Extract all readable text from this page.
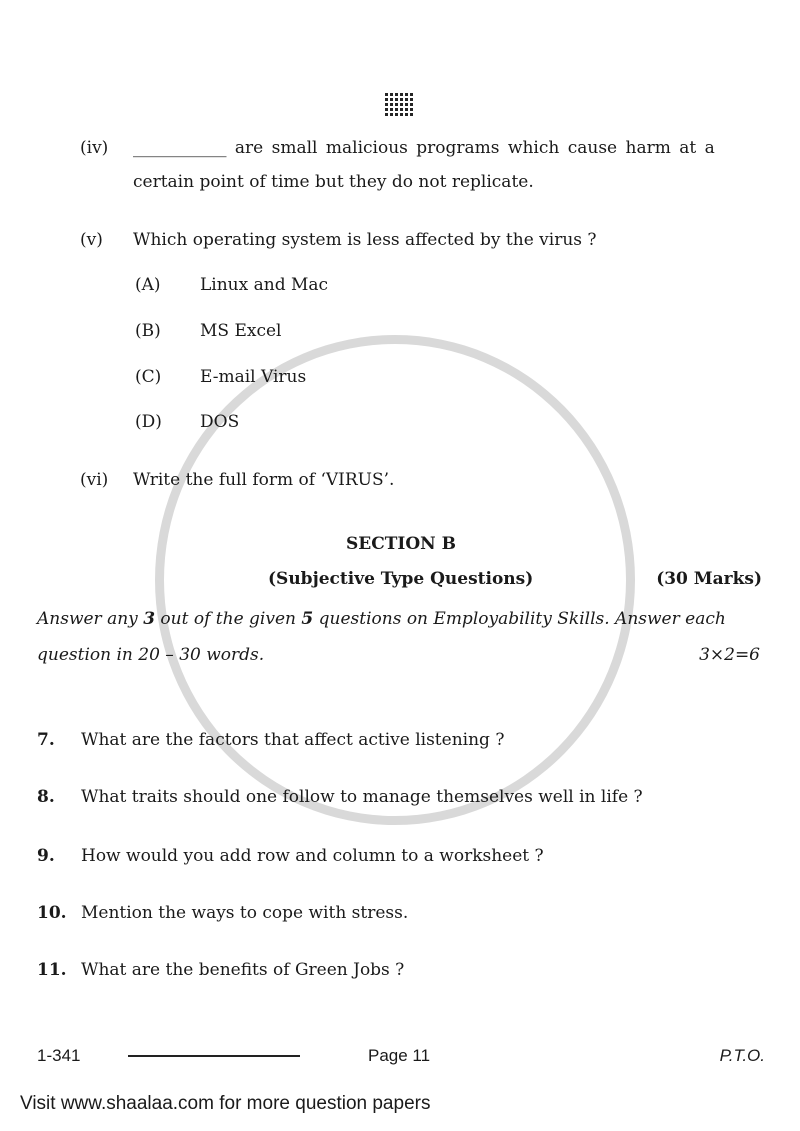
(iv) ___________ are small malicious programs which cause harm at a
certain point of time but they do not replicate.
(v) Which operating system is less affected by the virus ?
(A) Linux and Mac
(B) MS Excel
(C) E-mail Virus
(D) DOS
(vi) Write the full form of ‘VIRUS’.
SECTION B
(Subjective Type Questions)	(30 Marks)
Answer any 3 out of the given 5 questions on Employability Skills. Answer each
question in 20 – 30 words.	3×2=6
7. What are the factors that affect active listening ?
8. What traits should one follow to manage themselves well in life ?
9. How would you add row and column to a worksheet ?
10. Mention the ways to cope with stress.
11. What are the benefits of Green Jobs ?
1-341	Page 11	P.T.O.
Visit www.shaalaa.com for more question papers
